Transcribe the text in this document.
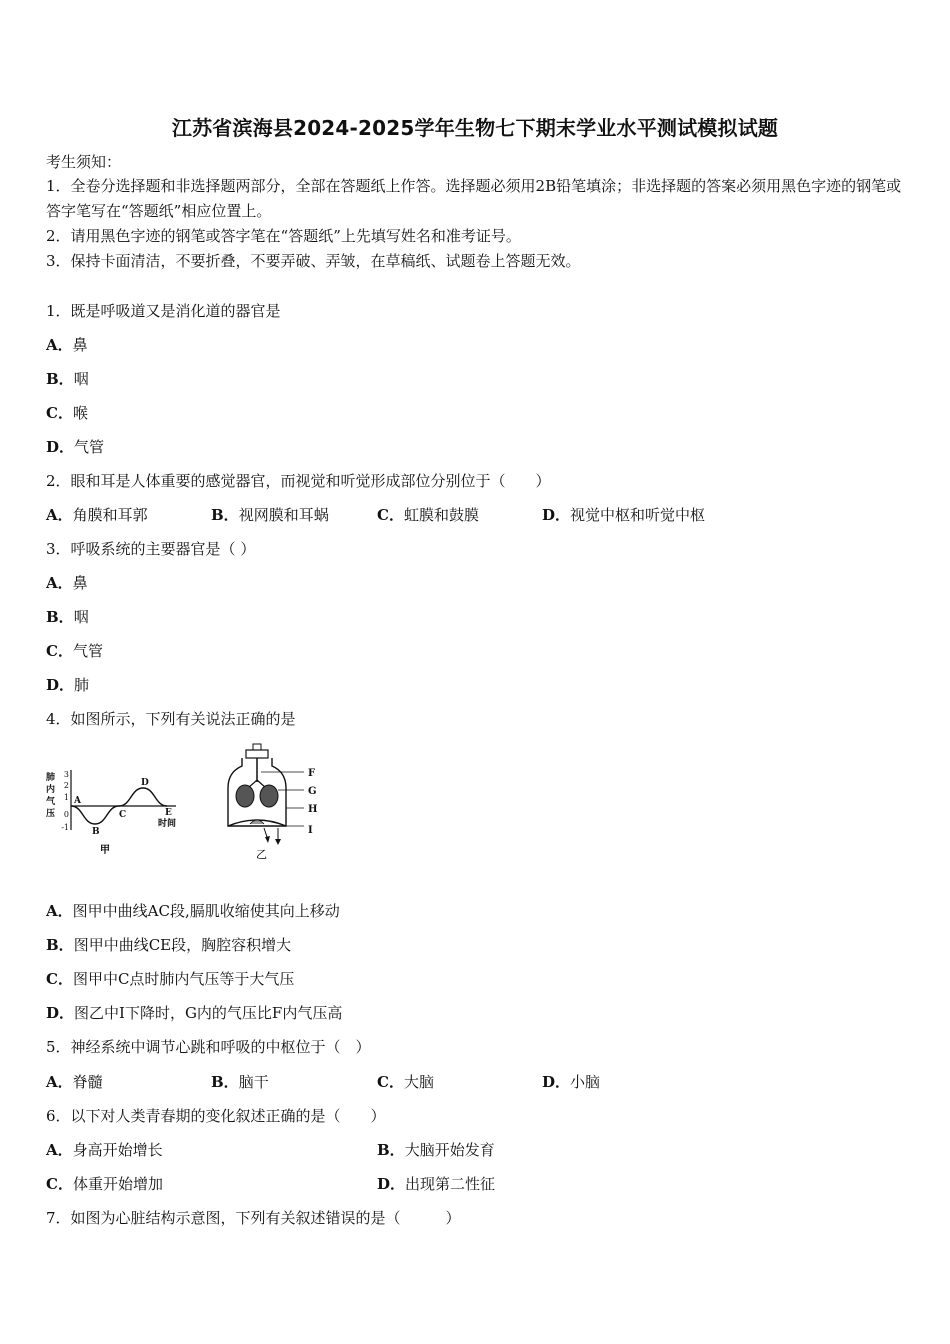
江苏省滨海县2024-2025学年生物七下期末学业水平测试模拟试题
考生须知：
1．全卷分选择题和非选择题两部分，全部在答题纸上作答。选择题必须用2B铅笔填涂；非选择题的答案必须用黑色字迹的钢笔或答字笔写在“答题纸”相应位置上。
2．请用黑色字迹的钢笔或答字笔在“答题纸”上先填写姓名和准考证号。
3．保持卡面清洁，不要折叠，不要弄破、弄皱，在草稿纸、试题卷上答题无效。
1．既是呼吸道又是消化道的器官是
A．鼻
B．咽
C．喉
D．气管
2．眼和耳是人体重要的感觉器官，而视觉和听觉形成部位分别位于（　　）
A．角膜和耳郭	B．视网膜和耳蜗	C．虹膜和鼓膜	D．视觉中枢和听觉中枢
3．呼吸系统的主要器官是（ ）
A．鼻
B．咽
C．气管
D．肺
4．如图所示，下列有关说法正确的是
肺
内
气
压
3
2
1
0
-1
A
B
C
D
E
时间
甲
F
G
H
I
乙
A．图甲中曲线AC段,膈肌收缩使其向上移动
B．图甲中曲线CE段，胸腔容积增大
C．图甲中C点时肺内气压等于大气压
D．图乙中I下降时，G内的气压比F内气压高
5．神经系统中调节心跳和呼吸的中枢位于（　）
A．脊髓	B．脑干	C．大脑	D．小脑
6．以下对人类青春期的变化叙述正确的是（　　）
A．身高开始增长	B．大脑开始发育
C．体重开始增加	D．出现第二性征
7．如图为心脏结构示意图，下列有关叙述错误的是（　　　）
